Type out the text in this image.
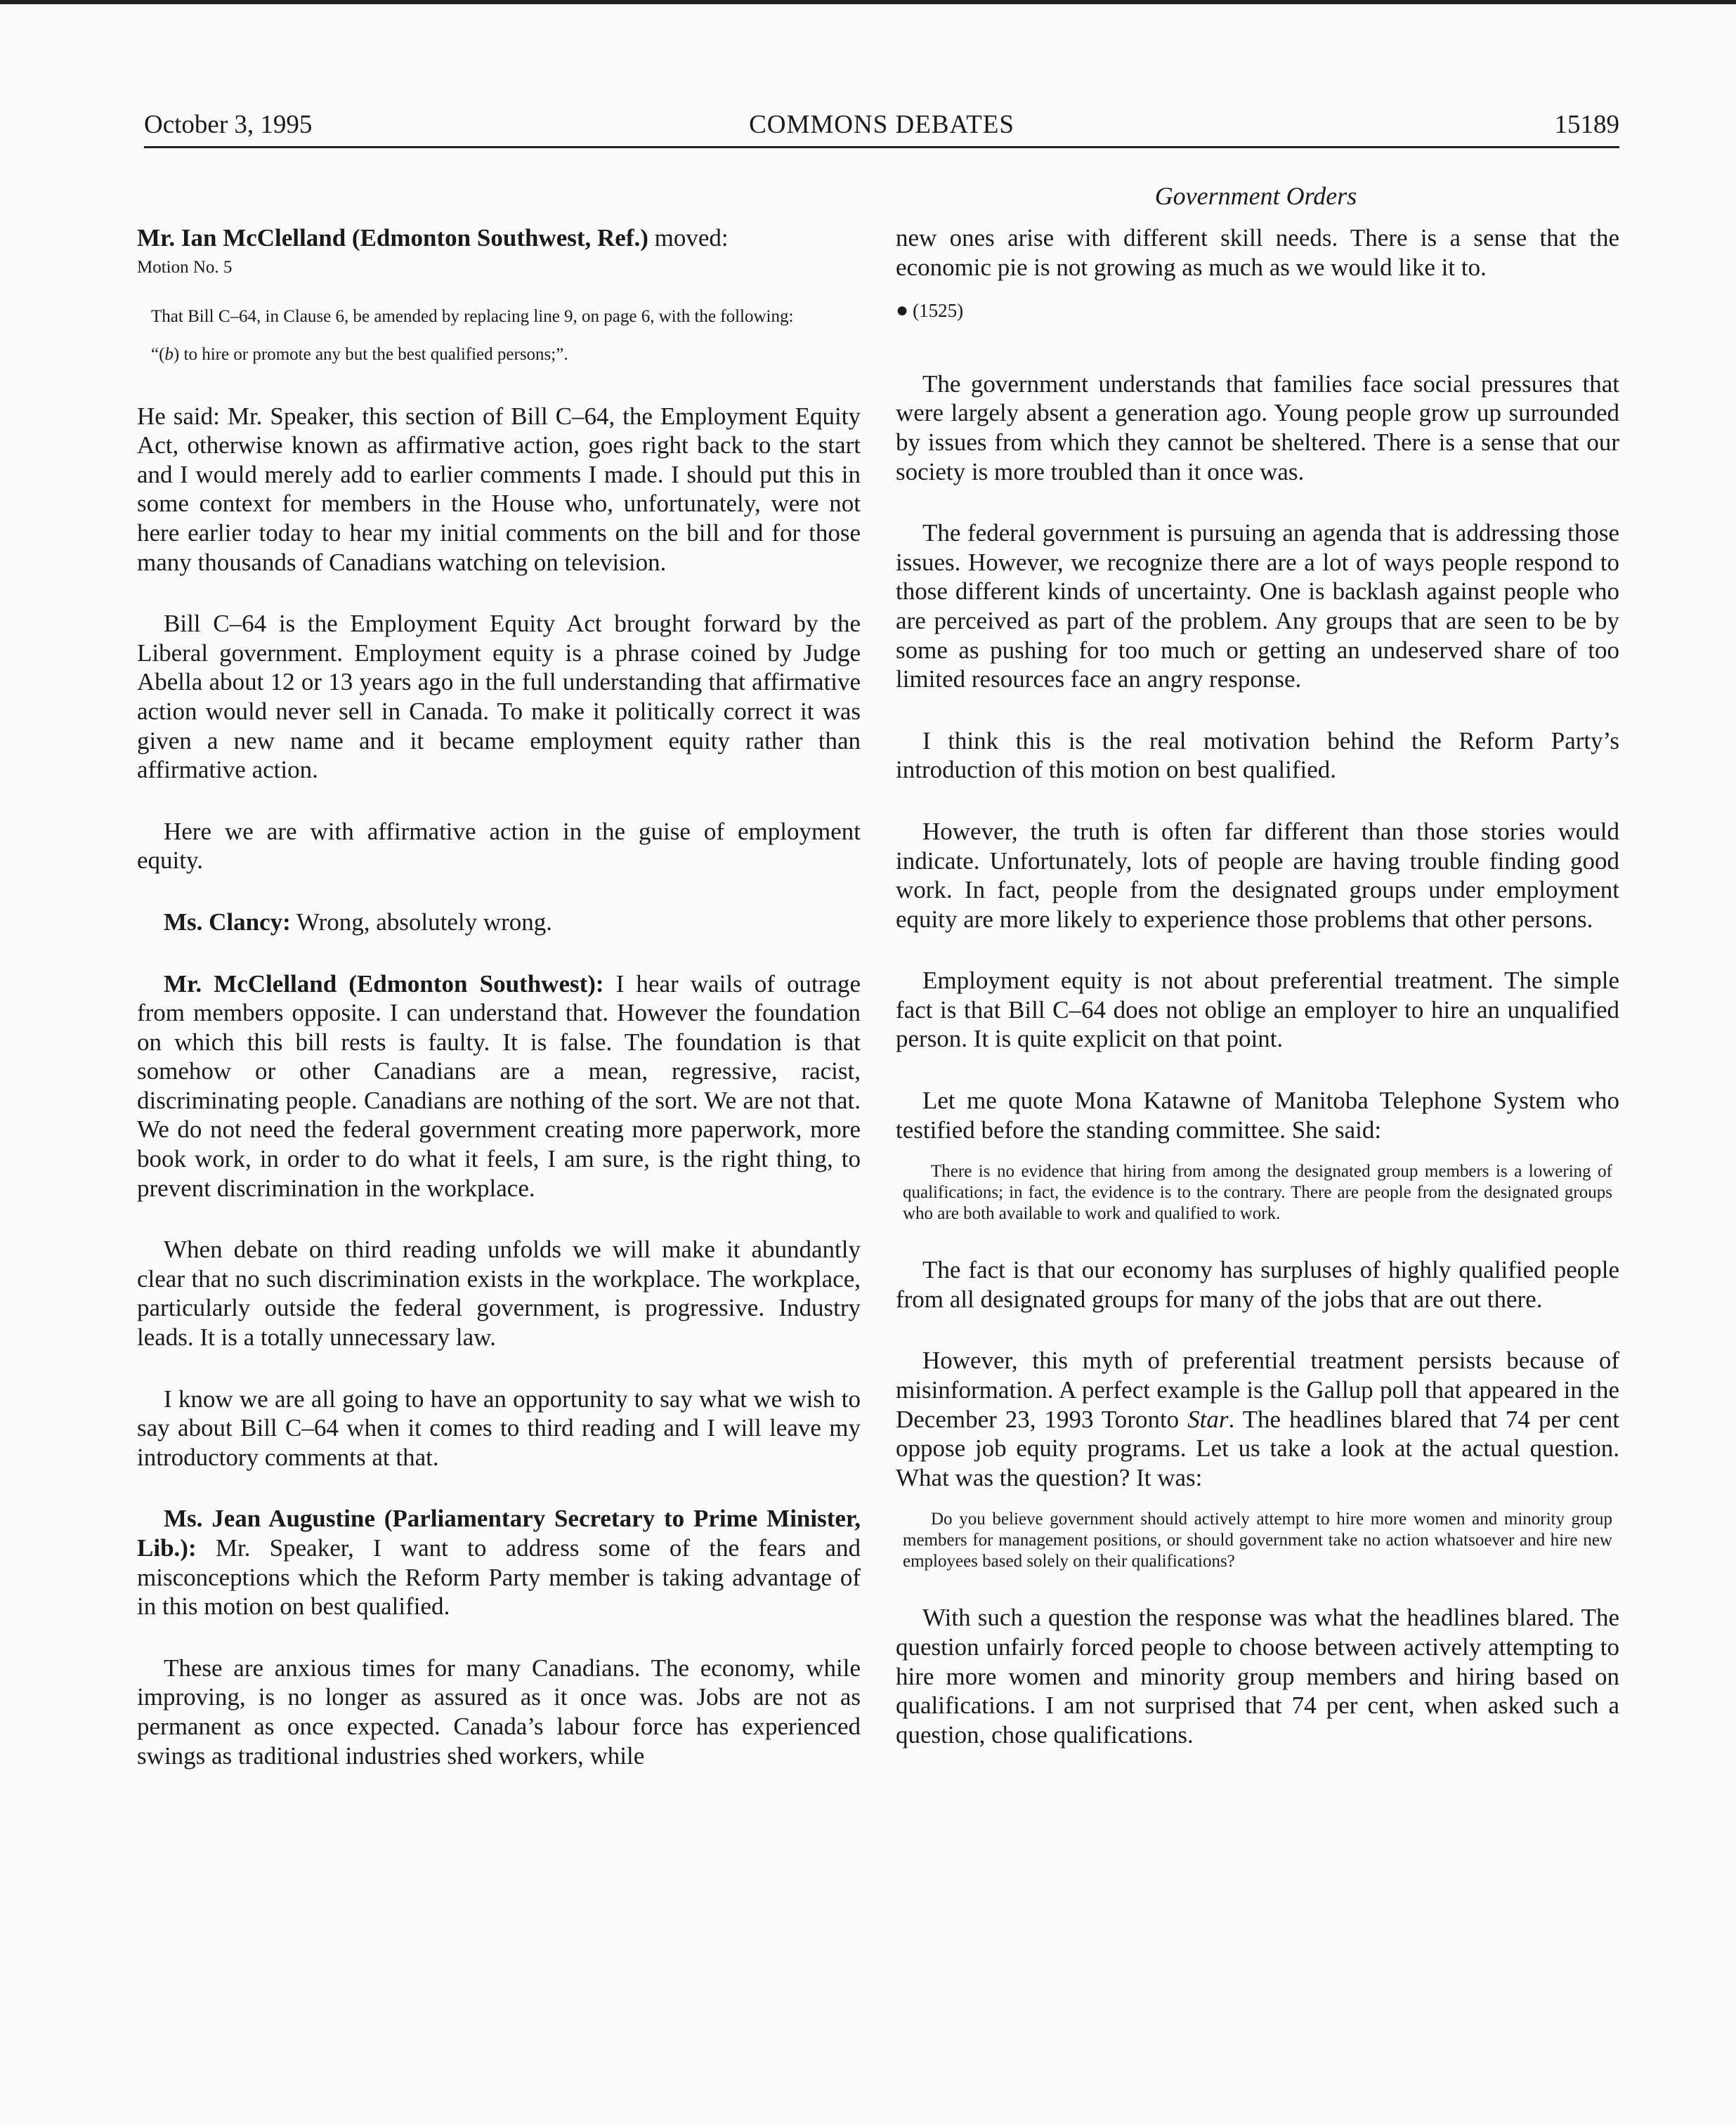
October 3, 1995	COMMONS DEBATES	15189
Government Orders

Mr. Ian McClelland (Edmonton Southwest, Ref.) moved:

Motion No. 5
That Bill C–64, in Clause 6, be amended by replacing line 9, on page 6, with the following:
“(b) to hire or promote any but the best qualified persons;”.

He said: Mr. Speaker, this section of Bill C–64, the Employment Equity Act, otherwise known as affirmative action, goes right back to the start and I would merely add to earlier comments I made. I should put this in some context for members in the House who, unfortunately, were not here earlier today to hear my initial comments on the bill and for those many thousands of Canadians watching on television.

Bill C–64 is the Employment Equity Act brought forward by the Liberal government. Employment equity is a phrase coined by Judge Abella about 12 or 13 years ago in the full understanding that affirmative action would never sell in Canada. To make it politically correct it was given a new name and it became employment equity rather than affirmative action.

Here we are with affirmative action in the guise of employment equity.

Ms. Clancy: Wrong, absolutely wrong.

Mr. McClelland (Edmonton Southwest): I hear wails of outrage from members opposite. I can understand that. However the foundation on which this bill rests is faulty. It is false. The foundation is that somehow or other Canadians are a mean, regressive, racist, discriminating people. Canadians are nothing of the sort. We are not that. We do not need the federal government creating more paperwork, more book work, in order to do what it feels, I am sure, is the right thing, to prevent discrimination in the workplace.

When debate on third reading unfolds we will make it abundantly clear that no such discrimination exists in the workplace. The workplace, particularly outside the federal government, is progressive. Industry leads. It is a totally unnecessary law.

I know we are all going to have an opportunity to say what we wish to say about Bill C–64 when it comes to third reading and I will leave my introductory comments at that.

Ms. Jean Augustine (Parliamentary Secretary to Prime Minister, Lib.): Mr. Speaker, I want to address some of the fears and misconceptions which the Reform Party member is taking advantage of in this motion on best qualified.

These are anxious times for many Canadians. The economy, while improving, is no longer as assured as it once was. Jobs are not as permanent as once expected. Canada’s labour force has experienced swings as traditional industries shed workers, while

new ones arise with different skill needs. There is a sense that the economic pie is not growing as much as we would like it to.

● (1525)

The government understands that families face social pressures that were largely absent a generation ago. Young people grow up surrounded by issues from which they cannot be sheltered. There is a sense that our society is more troubled than it once was.

The federal government is pursuing an agenda that is addressing those issues. However, we recognize there are a lot of ways people respond to those different kinds of uncertainty. One is backlash against people who are perceived as part of the problem. Any groups that are seen to be by some as pushing for too much or getting an undeserved share of too limited resources face an angry response.

I think this is the real motivation behind the Reform Party’s introduction of this motion on best qualified.

However, the truth is often far different than those stories would indicate. Unfortunately, lots of people are having trouble finding good work. In fact, people from the designated groups under employment equity are more likely to experience those problems that other persons.

Employment equity is not about preferential treatment. The simple fact is that Bill C–64 does not oblige an employer to hire an unqualified person. It is quite explicit on that point.

Let me quote Mona Katawne of Manitoba Telephone System who testified before the standing committee. She said:

There is no evidence that hiring from among the designated group members is a lowering of qualifications; in fact, the evidence is to the contrary. There are people from the designated groups who are both available to work and qualified to work.

The fact is that our economy has surpluses of highly qualified people from all designated groups for many of the jobs that are out there.

However, this myth of preferential treatment persists because of misinformation. A perfect example is the Gallup poll that appeared in the December 23, 1993 Toronto Star. The headlines blared that 74 per cent oppose job equity programs. Let us take a look at the actual question. What was the question? It was:

Do you believe government should actively attempt to hire more women and minority group members for management positions, or should government take no action whatsoever and hire new employees based solely on their qualifications?

With such a question the response was what the headlines blared. The question unfairly forced people to choose between actively attempting to hire more women and minority group members and hiring based on qualifications. I am not surprised that 74 per cent, when asked such a question, chose qualifications.
